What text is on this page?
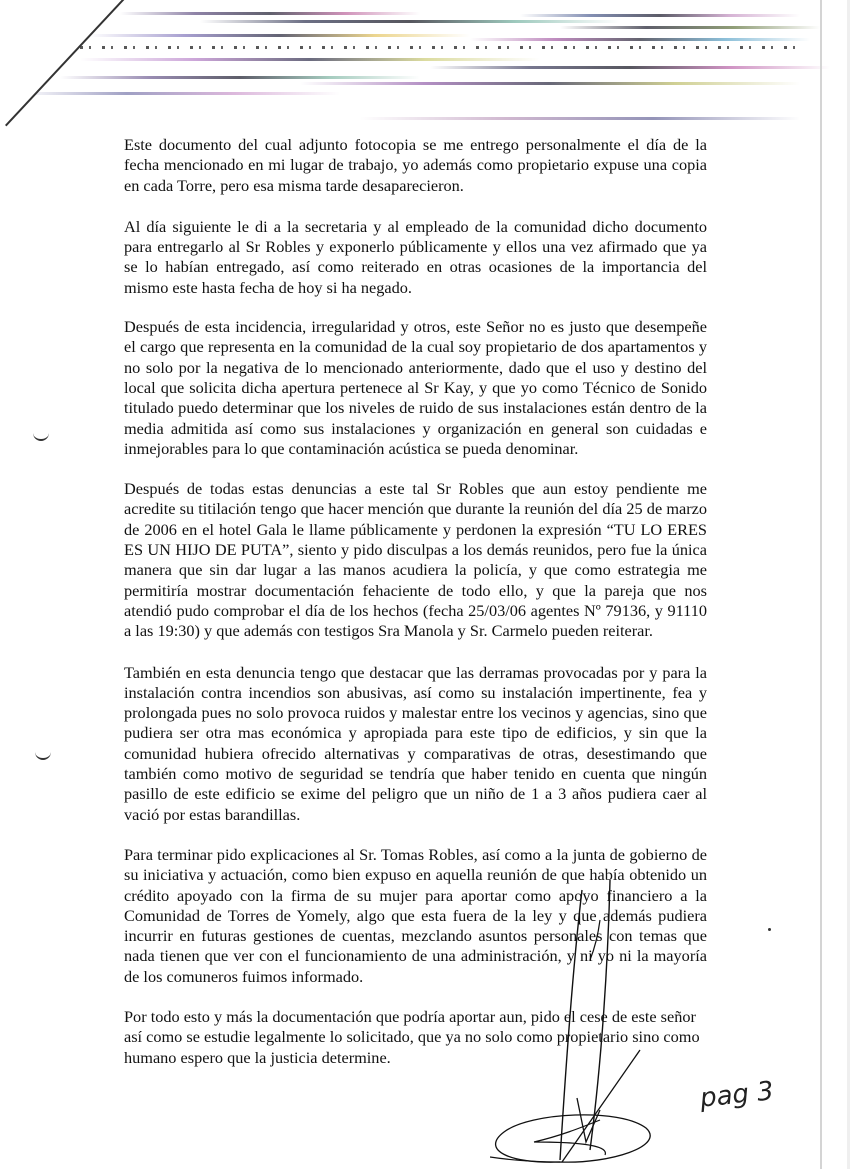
Este documento del cual adjunto fotocopia se me entrego personalmente el día de la fecha mencionado en mi lugar de trabajo, yo además como propietario expuse una copia en cada Torre, pero esa misma tarde desaparecieron.

Al día siguiente le di a la secretaria y al empleado de la comunidad dicho documento para entregarlo al Sr Robles y exponerlo públicamente y ellos una vez afirmado que ya se lo habían entregado, así como reiterado en otras ocasiones de la importancia del mismo este hasta fecha de hoy si ha negado.

Después de esta incidencia, irregularidad y otros, este Señor no es justo que desempeñe el cargo que representa en la comunidad de la cual soy propietario de dos apartamentos y no solo por la negativa de lo mencionado anteriormente, dado que el uso y destino del local que solicita dicha apertura pertenece al Sr Kay, y que yo como Técnico de Sonido titulado puedo determinar que los niveles de ruido de sus instalaciones están dentro de la media admitida así como sus instalaciones y organización en general son cuidadas e inmejorables para lo que contaminación acústica se pueda denominar.

Después de todas estas denuncias a este tal Sr Robles que aun estoy pendiente me acredite su titilación tengo que hacer mención que durante la reunión del día 25 de marzo de 2006 en el hotel Gala le llame públicamente y perdonen la expresión “TU LO ERES ES UN HIJO DE PUTA”, siento y pido disculpas a los demás reunidos, pero fue la única manera que sin dar lugar a las manos acudiera la policía, y que como estrategia me permitiría mostrar documentación fehaciente de todo ello, y que la pareja que nos atendió pudo comprobar el día de los hechos (fecha 25/03/06 agentes Nº 79136, y 91110 a las 19:30) y que además con testigos Sra Manola y Sr. Carmelo pueden reiterar.

También en esta denuncia tengo que destacar que las derramas provocadas por y para la instalación contra incendios son abusivas, así como su instalación impertinente, fea y prolongada pues no solo provoca ruidos y malestar entre los vecinos y agencias, sino que pudiera ser otra mas económica y apropiada para este tipo de edificios, y sin que la comunidad hubiera ofrecido alternativas y comparativas de otras, desestimando que también como motivo de seguridad se tendría que haber tenido en cuenta que ningún pasillo de este edificio se exime del peligro que un niño de 1 a 3 años pudiera caer al vació por estas barandillas.

Para terminar pido explicaciones al Sr. Tomas Robles, así como a la junta de gobierno de su iniciativa y actuación, como bien expuso en aquella reunión de que había obtenido un crédito apoyado con la firma de su mujer para aportar como apoyo financiero a la Comunidad de Torres de Yomely, algo que esta fuera de la ley y que además pudiera incurrir en futuras gestiones de cuentas, mezclando asuntos personales con temas que nada tienen que ver con el funcionamiento de una administración, y ni yo ni la mayoría de los comuneros fuimos informado.

Por todo esto y más la documentación que podría aportar aun, pido el cese de este señor así como se estudie legalmente lo solicitado, que ya no solo como propietario sino como humano espero que la justicia determine.

pag 3
